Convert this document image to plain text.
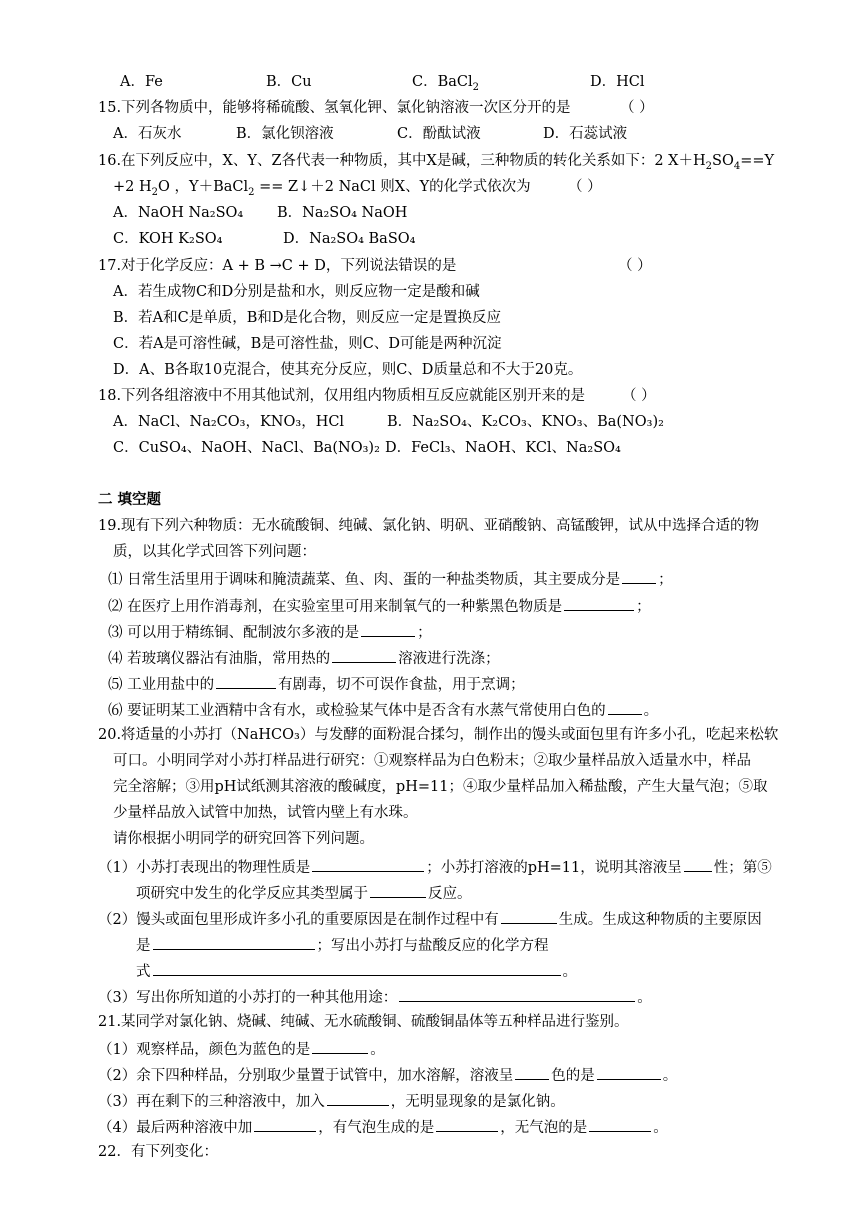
A．Fe	B．Cu	C．BaCl$_2$	D．HCl
15.下列各物质中，能够将稀硫酸、氢氧化钾、氯化钠溶液一次区分开的是	（ ）
A．石灰水	B．氯化钡溶液	C．酚酞试液	D．石蕊试液
16.在下列反应中，X、Y、Z各代表一种物质，其中X是碱，三种物质的转化关系如下：2 $X+H_2SO_4==Y$
+2 $H_2O$ ，Y＋BaCl$_2$ == Z↓＋2 NaCl 则X、Y的化学式依次为	（ ）
A．NaOH Na₂SO₄ B．Na₂SO₄ NaOH
C．KOH K₂SO₄	D．Na₂SO₄ BaSO₄
17.对于化学反应：A + B →C + D，下列说法错误的是	（ ）
A．若生成物C和D分别是盐和水，则反应物一定是酸和碱
B．若A和C是单质，B和D是化合物，则反应一定是置换反应
C．若A是可溶性碱，B是可溶性盐，则C、D可能是两种沉淀
D．A、B各取10克混合，使其充分反应，则C、D质量总和不大于20克。
18.下列各组溶液中不用其他试剂，仅用组内物质相互反应就能区别开来的是	（ ）
A．NaCl、Na₂CO₃，KNO₃，HCl	B．Na₂SO₄、K₂CO₃、KNO₃、Ba(NO₃)₂
C．CuSO₄、NaOH、NaCl、Ba(NO₃)₂ D．FeCl₃、NaOH、KCl、Na₂SO₄
二 填空题
19.现有下列六种物质：无水硫酸铜、纯碱、氯化钠、明矾、亚硝酸钠、高锰酸钾，试从中选择合适的物
质，以其化学式回答下列问题：
⑴ 日常生活里用于调味和腌渍蔬菜、鱼、肉、蛋的一种盐类物质，其主要成分是	；
⑵ 在医疗上用作消毒剂，在实验室里可用来制氧气的一种紫黑色物质是	；
⑶ 可以用于精练铜、配制波尔多液的是	；
⑷ 若玻璃仪器沾有油脂，常用热的	溶液进行洗涤；
⑸ 工业用盐中的	有剧毒，切不可误作食盐，用于烹调；
⑹ 要证明某工业酒精中含有水，或检验某气体中是否含有水蒸气常使用白色的	。
20.将适量的小苏打（NaHCO₃）与发酵的面粉混合揉匀，制作出的馒头或面包里有许多小孔，吃起来松软
可口。小明同学对小苏打样品进行研究：①观察样品为白色粉末；②取少量样品放入适量水中，样品
完全溶解；③用pH试纸测其溶液的酸碱度，pH=11；④取少量样品加入稀盐酸，产生大量气泡；⑤取
少量样品放入试管中加热，试管内壁上有水珠。
请你根据小明同学的研究回答下列问题。
（1）小苏打表现出的物理性质是	；小苏打溶液的pH=11，说明其溶液呈 性；第⑤
项研究中发生的化学反应其类型属于	反应。
（2）馒头或面包里形成许多小孔的重要原因是在制作过程中有	生成。生成这种物质的主要原因
是	；写出小苏打与盐酸反应的化学方程
式	。
（3）写出你所知道的小苏打的一种其他用途：	。
21.某同学对氯化钠、烧碱、纯碱、无水硫酸铜、硫酸铜晶体等五种样品进行鉴别。
（1）观察样品，颜色为蓝色的是	。
（2）余下四种样品，分别取少量置于试管中，加水溶解，溶液呈	色的是	。
（3）再在剩下的三种溶液中，加入	，无明显现象的是氯化钠。
（4）最后两种溶液中加	，有气泡生成的是	，无气泡的是	。
22．有下列变化：
